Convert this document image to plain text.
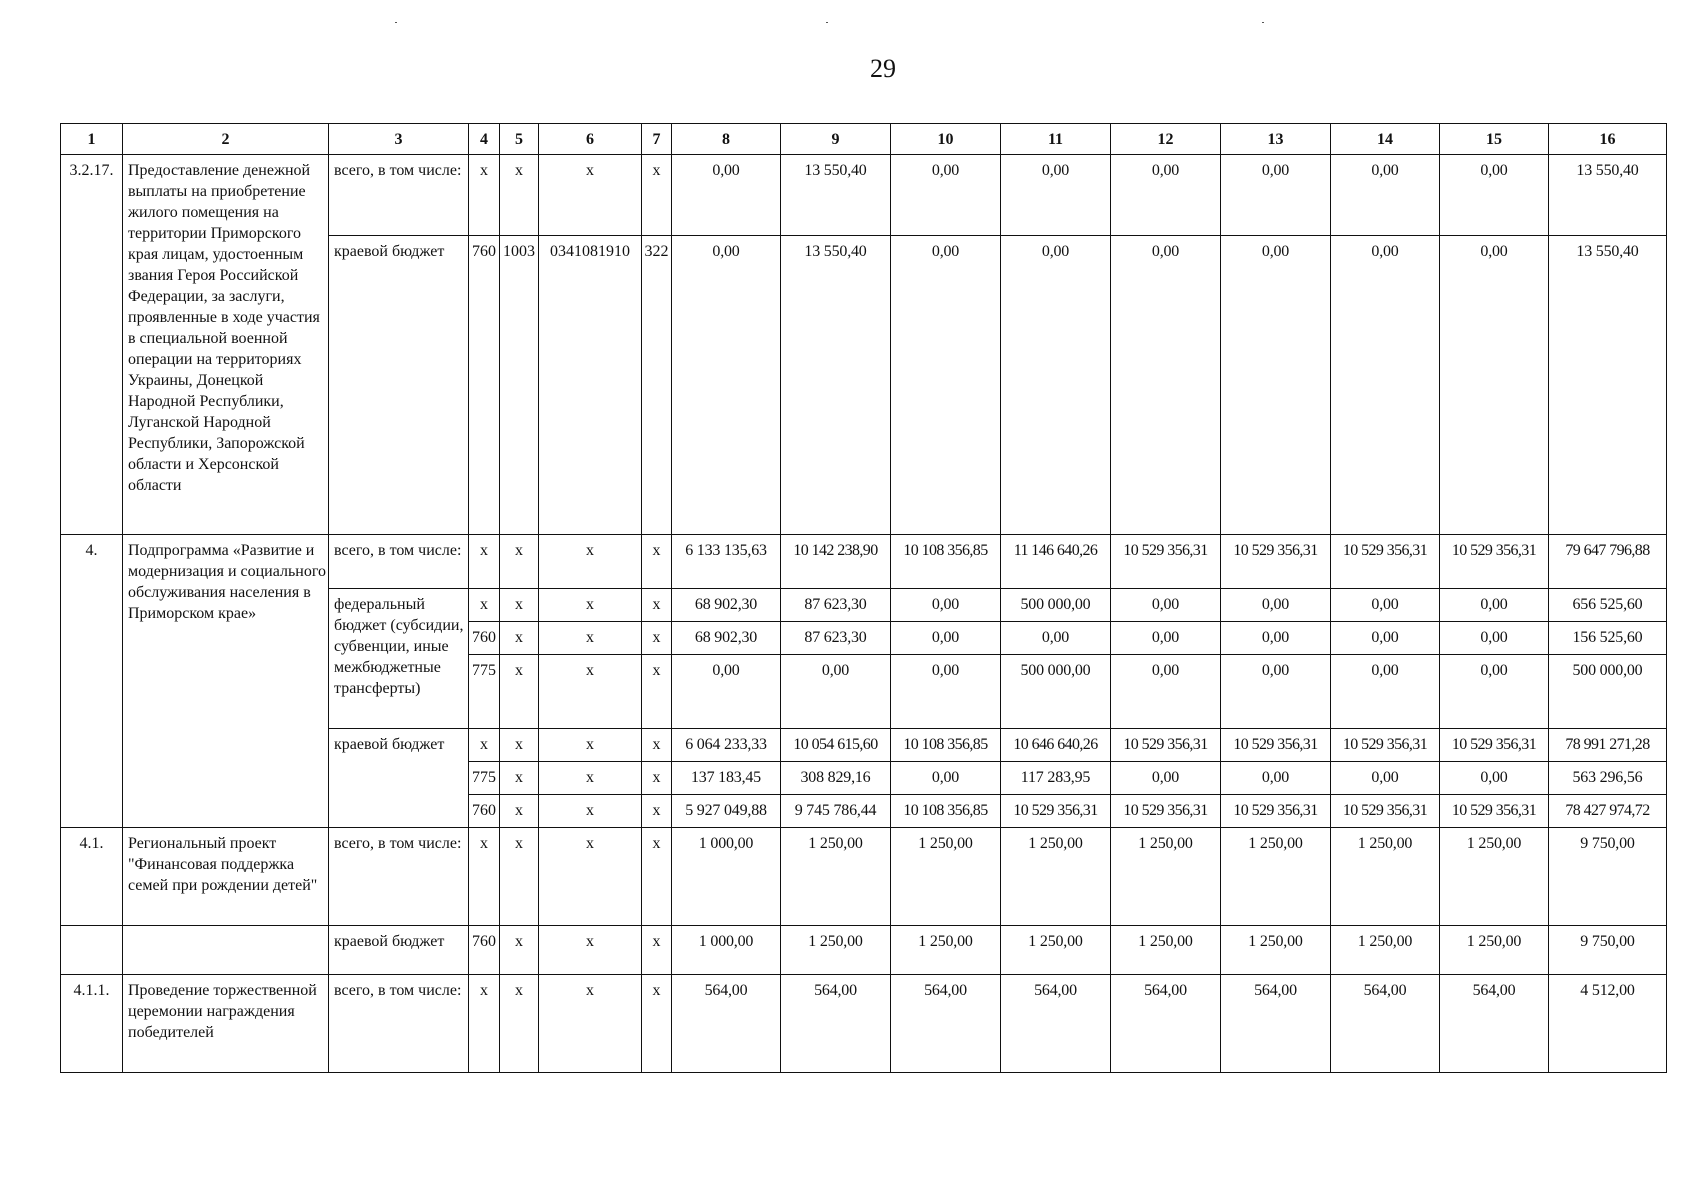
29
1	2	3	4	5	6	7	8	9	10	11	12	13	14	15	16
3.2.17.	Предоставление денежной выплаты на приобретение жилого помещения на территории Приморского края лицам, удостоенным звания Героя Российской Федерации, за заслуги, проявленные в ходе участия в специальной военной операции на территориях Украины, Донецкой Народной Республики, Луганской Народной Республики, Запорожской области и Херсонской области	всего, в том числе:	x	x	x	x	0,00	13 550,40	0,00	0,00	0,00	0,00	0,00	0,00	13 550,40
		краевой бюджет	760	1003	0341081910	322	0,00	13 550,40	0,00	0,00	0,00	0,00	0,00	0,00	13 550,40
4.	Подпрограмма «Развитие и модернизация и социального обслуживания населения в Приморском крае»	всего, в том числе:	x	x	x	x	6 133 135,63	10 142 238,90	10 108 356,85	11 146 640,26	10 529 356,31	10 529 356,31	10 529 356,31	10 529 356,31	79 647 796,88
		федеральный бюджет (субсидии, субвенции, иные межбюджетные трансферты)	x	x	x	x	68 902,30	87 623,30	0,00	500 000,00	0,00	0,00	0,00	0,00	656 525,60
			760	x	x	x	68 902,30	87 623,30	0,00	0,00	0,00	0,00	0,00	0,00	156 525,60
			775	x	x	x	0,00	0,00	0,00	500 000,00	0,00	0,00	0,00	0,00	500 000,00
		краевой бюджет	x	x	x	x	6 064 233,33	10 054 615,60	10 108 356,85	10 646 640,26	10 529 356,31	10 529 356,31	10 529 356,31	10 529 356,31	78 991 271,28
			775	x	x	x	137 183,45	308 829,16	0,00	117 283,95	0,00	0,00	0,00	0,00	563 296,56
			760	x	x	x	5 927 049,88	9 745 786,44	10 108 356,85	10 529 356,31	10 529 356,31	10 529 356,31	10 529 356,31	10 529 356,31	78 427 974,72
4.1.	Региональный проект "Финансовая поддержка семей при рождении детей"	всего, в том числе:	x	x	x	x	1 000,00	1 250,00	1 250,00	1 250,00	1 250,00	1 250,00	1 250,00	1 250,00	9 750,00
		краевой бюджет	760	x	x	x	1 000,00	1 250,00	1 250,00	1 250,00	1 250,00	1 250,00	1 250,00	1 250,00	9 750,00
4.1.1.	Проведение торжественной церемонии награждения победителей	всего, в том числе:	x	x	x	x	564,00	564,00	564,00	564,00	564,00	564,00	564,00	564,00	4 512,00
